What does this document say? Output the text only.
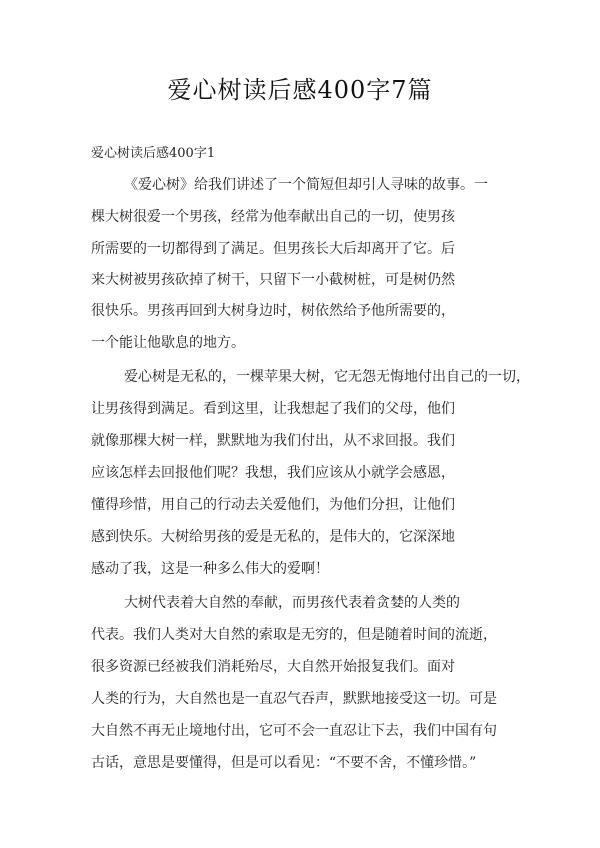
爱心树读后感400字7篇
爱心树读后感400字1
《爱心树》给我们讲述了一个简短但却引人寻味的故事。一
棵大树很爱一个男孩，经常为他奉献出自己的一切，使男孩
所需要的一切都得到了满足。但男孩长大后却离开了它。后
来大树被男孩砍掉了树干，只留下一小截树桩，可是树仍然
很快乐。男孩再回到大树身边时，树依然给予他所需要的，
一个能让他歇息的地方。
爱心树是无私的，一棵苹果大树，它无怨无悔地付出自己的一切，
让男孩得到满足。看到这里，让我想起了我们的父母，他们
就像那棵大树一样，默默地为我们付出，从不求回报。我们
应该怎样去回报他们呢？我想，我们应该从小就学会感恩，
懂得珍惜，用自己的行动去关爱他们，为他们分担，让他们
感到快乐。大树给男孩的爱是无私的，是伟大的，它深深地
感动了我，这是一种多么伟大的爱啊！
大树代表着大自然的奉献，而男孩代表着贪婪的人类的
代表。我们人类对大自然的索取是无穷的，但是随着时间的流逝，
很多资源已经被我们消耗殆尽，大自然开始报复我们。面对
人类的行为，大自然也是一直忍气吞声，默默地接受这一切。可是
大自然不再无止境地付出，它可不会一直忍让下去，我们中国有句
古话，意思是要懂得，但是可以看见：“不要不舍，不懂珍惜。”
